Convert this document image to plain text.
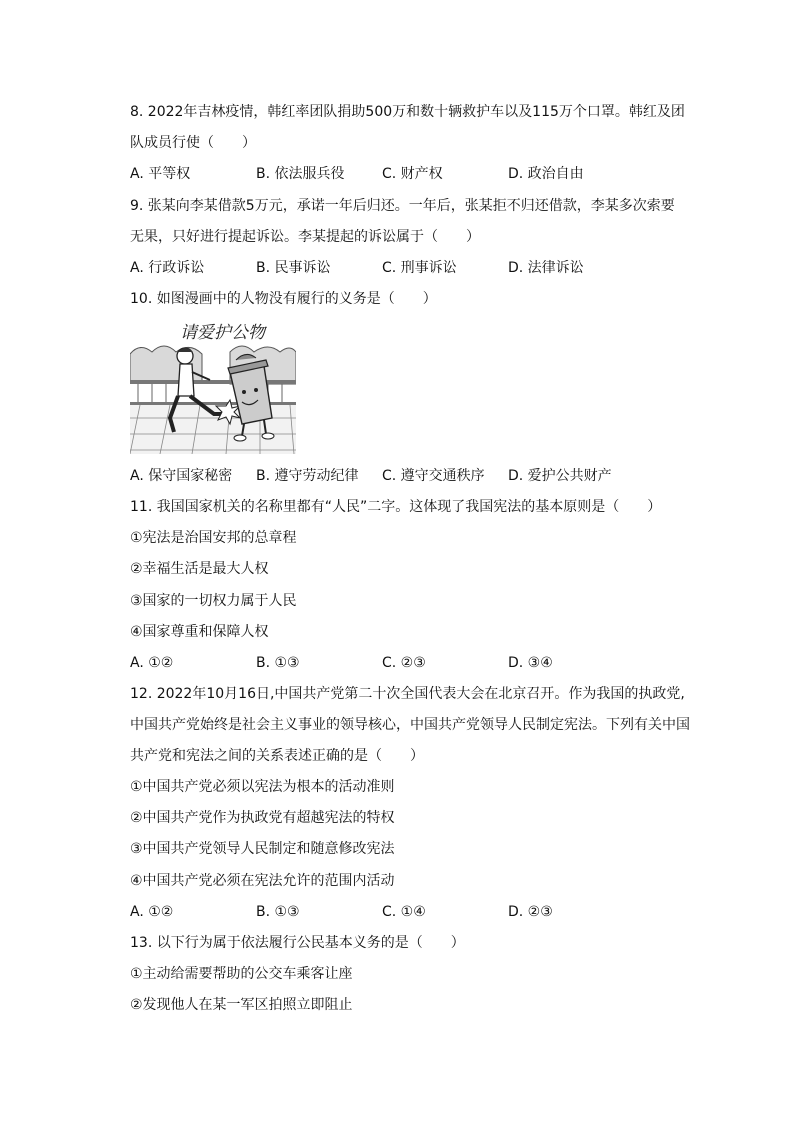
8. 2022年吉林疫情，韩红率团队捐助500万和数十辆救护车以及115万个口罩。韩红及团
队成员行使（　　）
A. 平等权	B. 依法服兵役	C. 财产权	D. 政治自由
9. 张某向李某借款5万元，承诺一年后归还。一年后，张某拒不归还借款，李某多次索要
无果，只好进行提起诉讼。李某提起的诉讼属于（　　）
A. 行政诉讼	B. 民事诉讼	C. 刑事诉讼	D. 法律诉讼
10. 如图漫画中的人物没有履行的义务是（　　）
请爱护公物
A. 保守国家秘密 B. 遵守劳动纪律 C. 遵守交通秩序 D. 爱护公共财产
11. 我国国家机关的名称里都有“人民”二字。这体现了我国宪法的基本原则是（　　）
①宪法是治国安邦的总章程
②幸福生活是最大人权
③国家的一切权力属于人民
④国家尊重和保障人权
A. ①②	B. ①③	C. ②③	D. ③④
12. 2022年10月16日,中国共产党第二十次全国代表大会在北京召开。作为我国的执政党,
中国共产党始终是社会主义事业的领导核心，中国共产党领导人民制定宪法。下列有关中国
共产党和宪法之间的关系表述正确的是（　　）
①中国共产党必须以宪法为根本的活动准则
②中国共产党作为执政党有超越宪法的特权
③中国共产党领导人民制定和随意修改宪法
④中国共产党必须在宪法允许的范围内活动
A. ①②	B. ①③	C. ①④	D. ②③
13. 以下行为属于依法履行公民基本义务的是（　　）
①主动给需要帮助的公交车乘客让座
②发现他人在某一军区拍照立即阻止
